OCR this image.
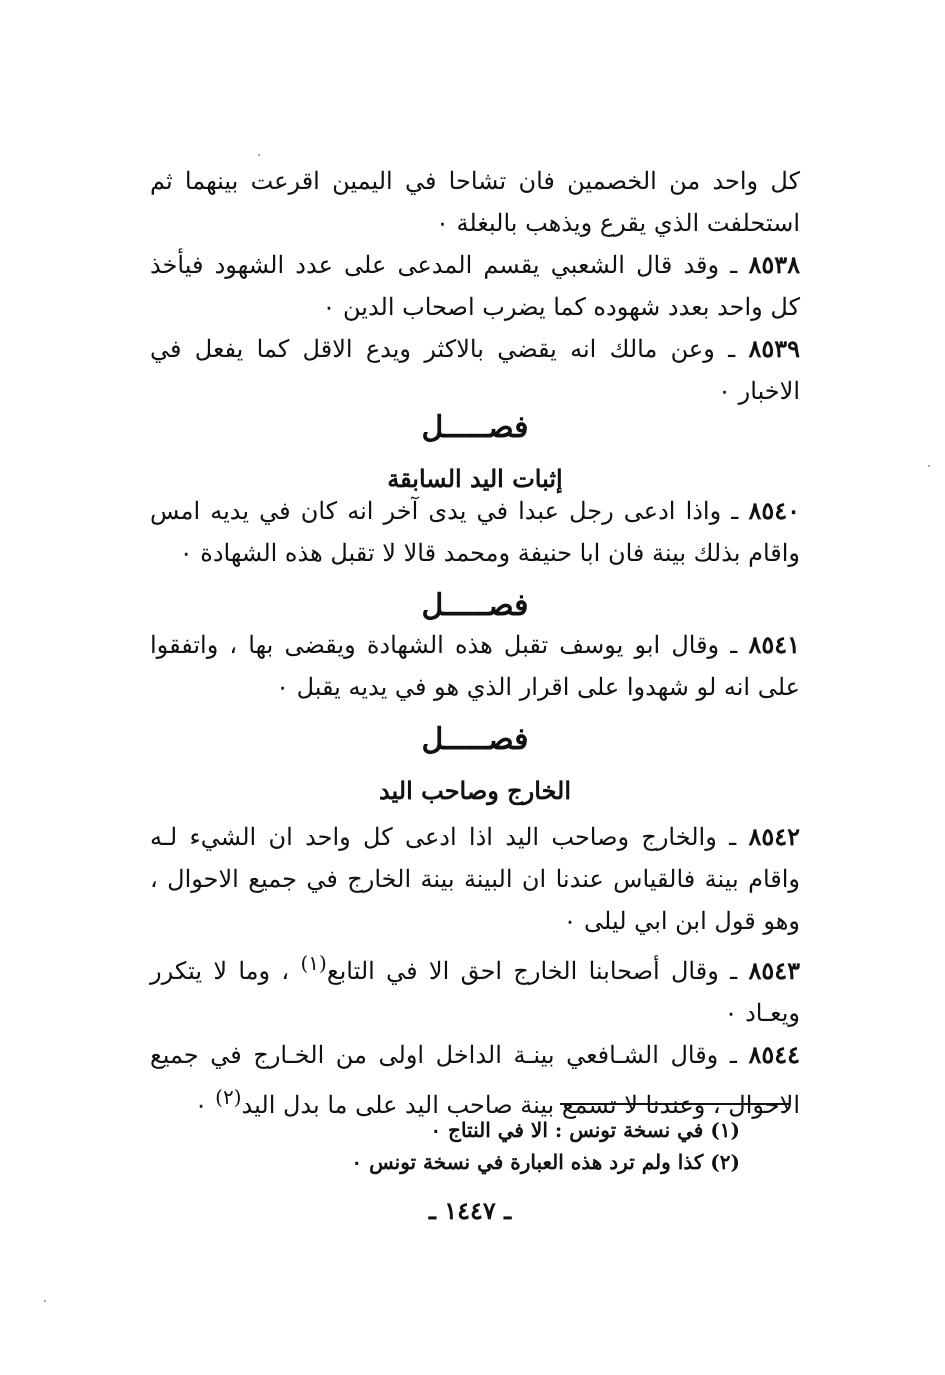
كل واحد من الخصمين فان تشاحا في اليمين اقرعت بينهما ثم استحلفت الذي يقرع ويذهب بالبغلة ٠

٨٥٣٨ ـ وقد قال الشعبي يقسم المدعى على عدد الشهود فيأخذ كل واحد بعدد شهوده كما يضرب اصحاب الدين ٠

٨٥٣٩ ـ وعن مالك انه يقضي بالاكثر ويدع الاقل كما يفعل في الاخبار ٠

فصـــــل

إثبات اليد السابقة

٨٥٤٠ ـ واذا ادعى رجل عبدا في يدى آخر انه كان في يديه امس واقام بذلك بينة فان ابا حنيفة ومحمد قالا لا تقبل هذه الشهادة ٠

فصـــــل

٨٥٤١ ـ وقال ابو يوسف تقبل هذه الشهادة ويقضى بها ، واتفقوا على انه لو شهدوا على اقرار الذي هو في يديه يقبل ٠

فصـــــل

الخارج وصاحب اليد

٨٥٤٢ ـ والخارج وصاحب اليد اذا ادعى كل واحد ان الشيء لـه واقام بينة فالقياس عندنا ان البينة بينة الخارج في جميع الاحوال ، وهو قول ابن ابي ليلى ٠

٨٥٤٣ ـ وقال أصحابنا الخارج احق الا في التابع$^{(١)}$ ، وما لا يتكرر ويعـاد ٠

٨٥٤٤ ـ وقال الشـافعي بينـة الداخل اولى من الخـارج في جميع الاحوال ، وعندنا لا تسمع بينة صاحب اليد على ما بدل اليد$^{(٢)}$ ٠

(١) في نسخة تونس : الا في النتاج ٠

(٢) كذا ولم ترد هذه العبارة في نسخة تونس ٠

ـ ١٤٤٧ ـ
